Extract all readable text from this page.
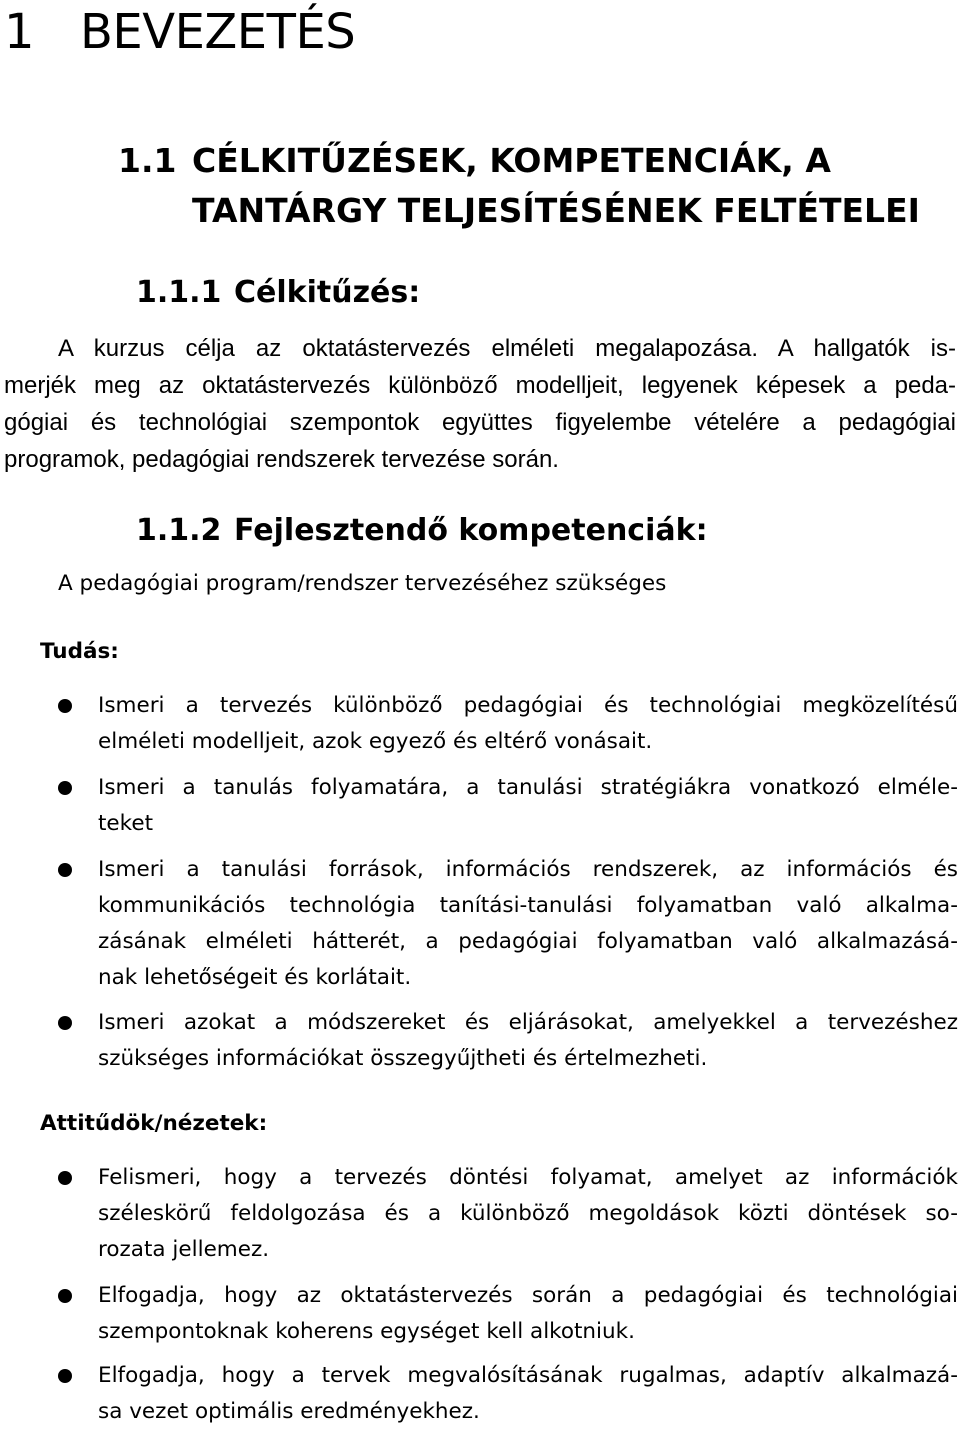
1 BEVEZETÉS
1.1 CÉLKITŰZÉSEK, KOMPETENCIÁK, A
TANTÁRGY TELJESÍTÉSÉNEK FELTÉTELEI
1.1.1 Célkitűzés:
A kurzus célja az oktatástervezés elméleti megalapozása. A hallgatók is-
merjék meg az oktatástervezés különböző modelljeit, legyenek képesek a peda-
gógiai és technológiai szempontok együttes figyelembe vételére a pedagógiai
programok, pedagógiai rendszerek tervezése során.
1.1.2 Fejlesztendő kompetenciák:
A pedagógiai program/rendszer tervezéséhez szükséges
Tudás:
Ismeri a tervezés különböző pedagógiai és technológiai megközelítésű
elméleti modelljeit, azok egyező és eltérő vonásait.
Ismeri a tanulás folyamatára, a tanulási stratégiákra vonatkozó elméle-
teket
Ismeri a tanulási források, információs rendszerek, az információs és
kommunikációs technológia tanítási-tanulási folyamatban való alkalma-
zásának elméleti hátterét, a pedagógiai folyamatban való alkalmazásá-
nak lehetőségeit és korlátait.
Ismeri azokat a módszereket és eljárásokat, amelyekkel a tervezéshez
szükséges információkat összegyűjtheti és értelmezheti.
Attitűdök/nézetek:
Felismeri, hogy a tervezés döntési folyamat, amelyet az információk
széleskörű feldolgozása és a különböző megoldások közti döntések so-
rozata jellemez.
Elfogadja, hogy az oktatástervezés során a pedagógiai és technológiai
szempontoknak koherens egységet kell alkotniuk.
Elfogadja, hogy a tervek megvalósításának rugalmas, adaptív alkalmazá-
sa vezet optimális eredményekhez.
